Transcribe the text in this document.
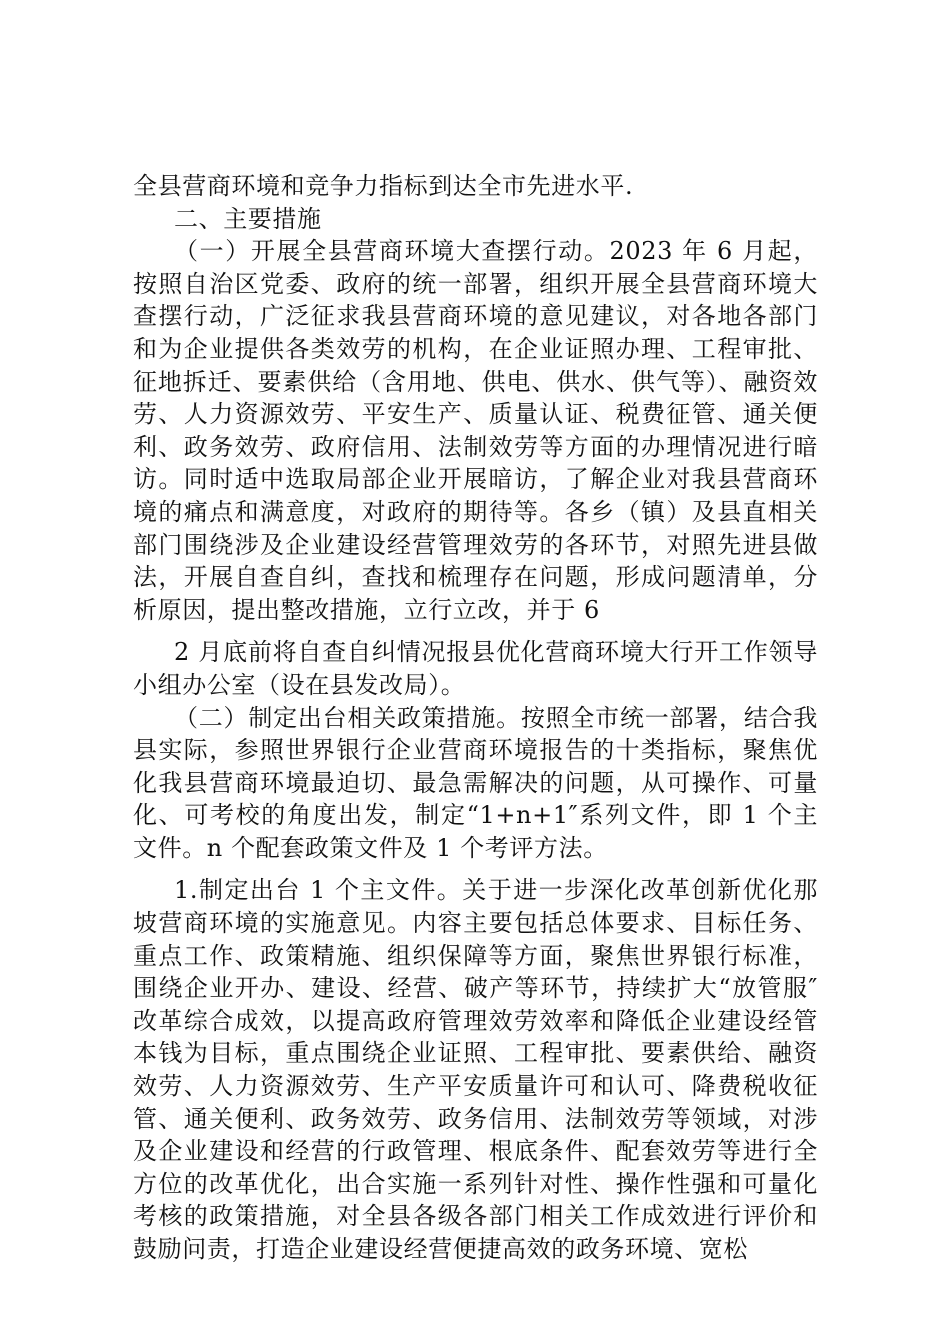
全县营商环境和竞争力指标到达全市先进水平.

二、主要措施

（一）开展全县营商环境大查摆行动。2023 年 6 月起，按照自治区党委、政府的统一部署，组织开展全县营商环境大查摆行动，广泛征求我县营商环境的意见建议，对各地各部门和为企业提供各类效劳的机构，在企业证照办理、工程审批、征地拆迁、要素供给（含用地、供电、供水、供气等）、融资效劳、人力资源效劳、平安生产、质量认证、税费征管、通关便利、政务效劳、政府信用、法制效劳等方面的办理情况进行暗访。同时适中选取局部企业开展暗访，了解企业对我县营商环境的痛点和满意度，对政府的期待等。各乡（镇）及县直相关部门围绕涉及企业建设经营管理效劳的各环节，对照先进县做法，开展自查自纠，查找和梳理存在问题，形成问题清单，分析原因，提出整改措施，立行立改，并于 6

2 月底前将自查自纠情况报县优化营商环境大行开工作领导小组办公室（设在县发改局）。

（二）制定出台相关政策措施。按照全市统一部署，结合我县实际，参照世界银行企业营商环境报告的十类指标，聚焦优化我县营商环境最迫切、最急需解决的问题，从可操作、可量化、可考校的角度出发，制定“1+n+1″系列文件，即 1 个主文件。n 个配套政策文件及 1 个考评方法。

1.制定出台 1 个主文件。关于进一步深化改革创新优化那坡营商环境的实施意见。内容主要包括总体要求、目标任务、重点工作、政策精施、组织保障等方面，聚焦世界银行标准，围绕企业开办、建设、经营、破产等环节，持续扩大“放管服″改革综合成效，以提高政府管理效劳效率和降低企业建设经管本钱为目标，重点围绕企业证照、工程审批、要素供给、融资效劳、人力资源效劳、生产平安质量许可和认可、降费税收征管、通关便利、政务效劳、政务信用、法制效劳等领域，对涉及企业建设和经营的行政管理、根底条件、配套效劳等进行全方位的改革优化，出合实施一系列针对性、操作性强和可量化考核的政策措施，对全县各级各部门相关工作成效进行评价和鼓励问责，打造企业建设经营便捷高效的政务环境、宽松
